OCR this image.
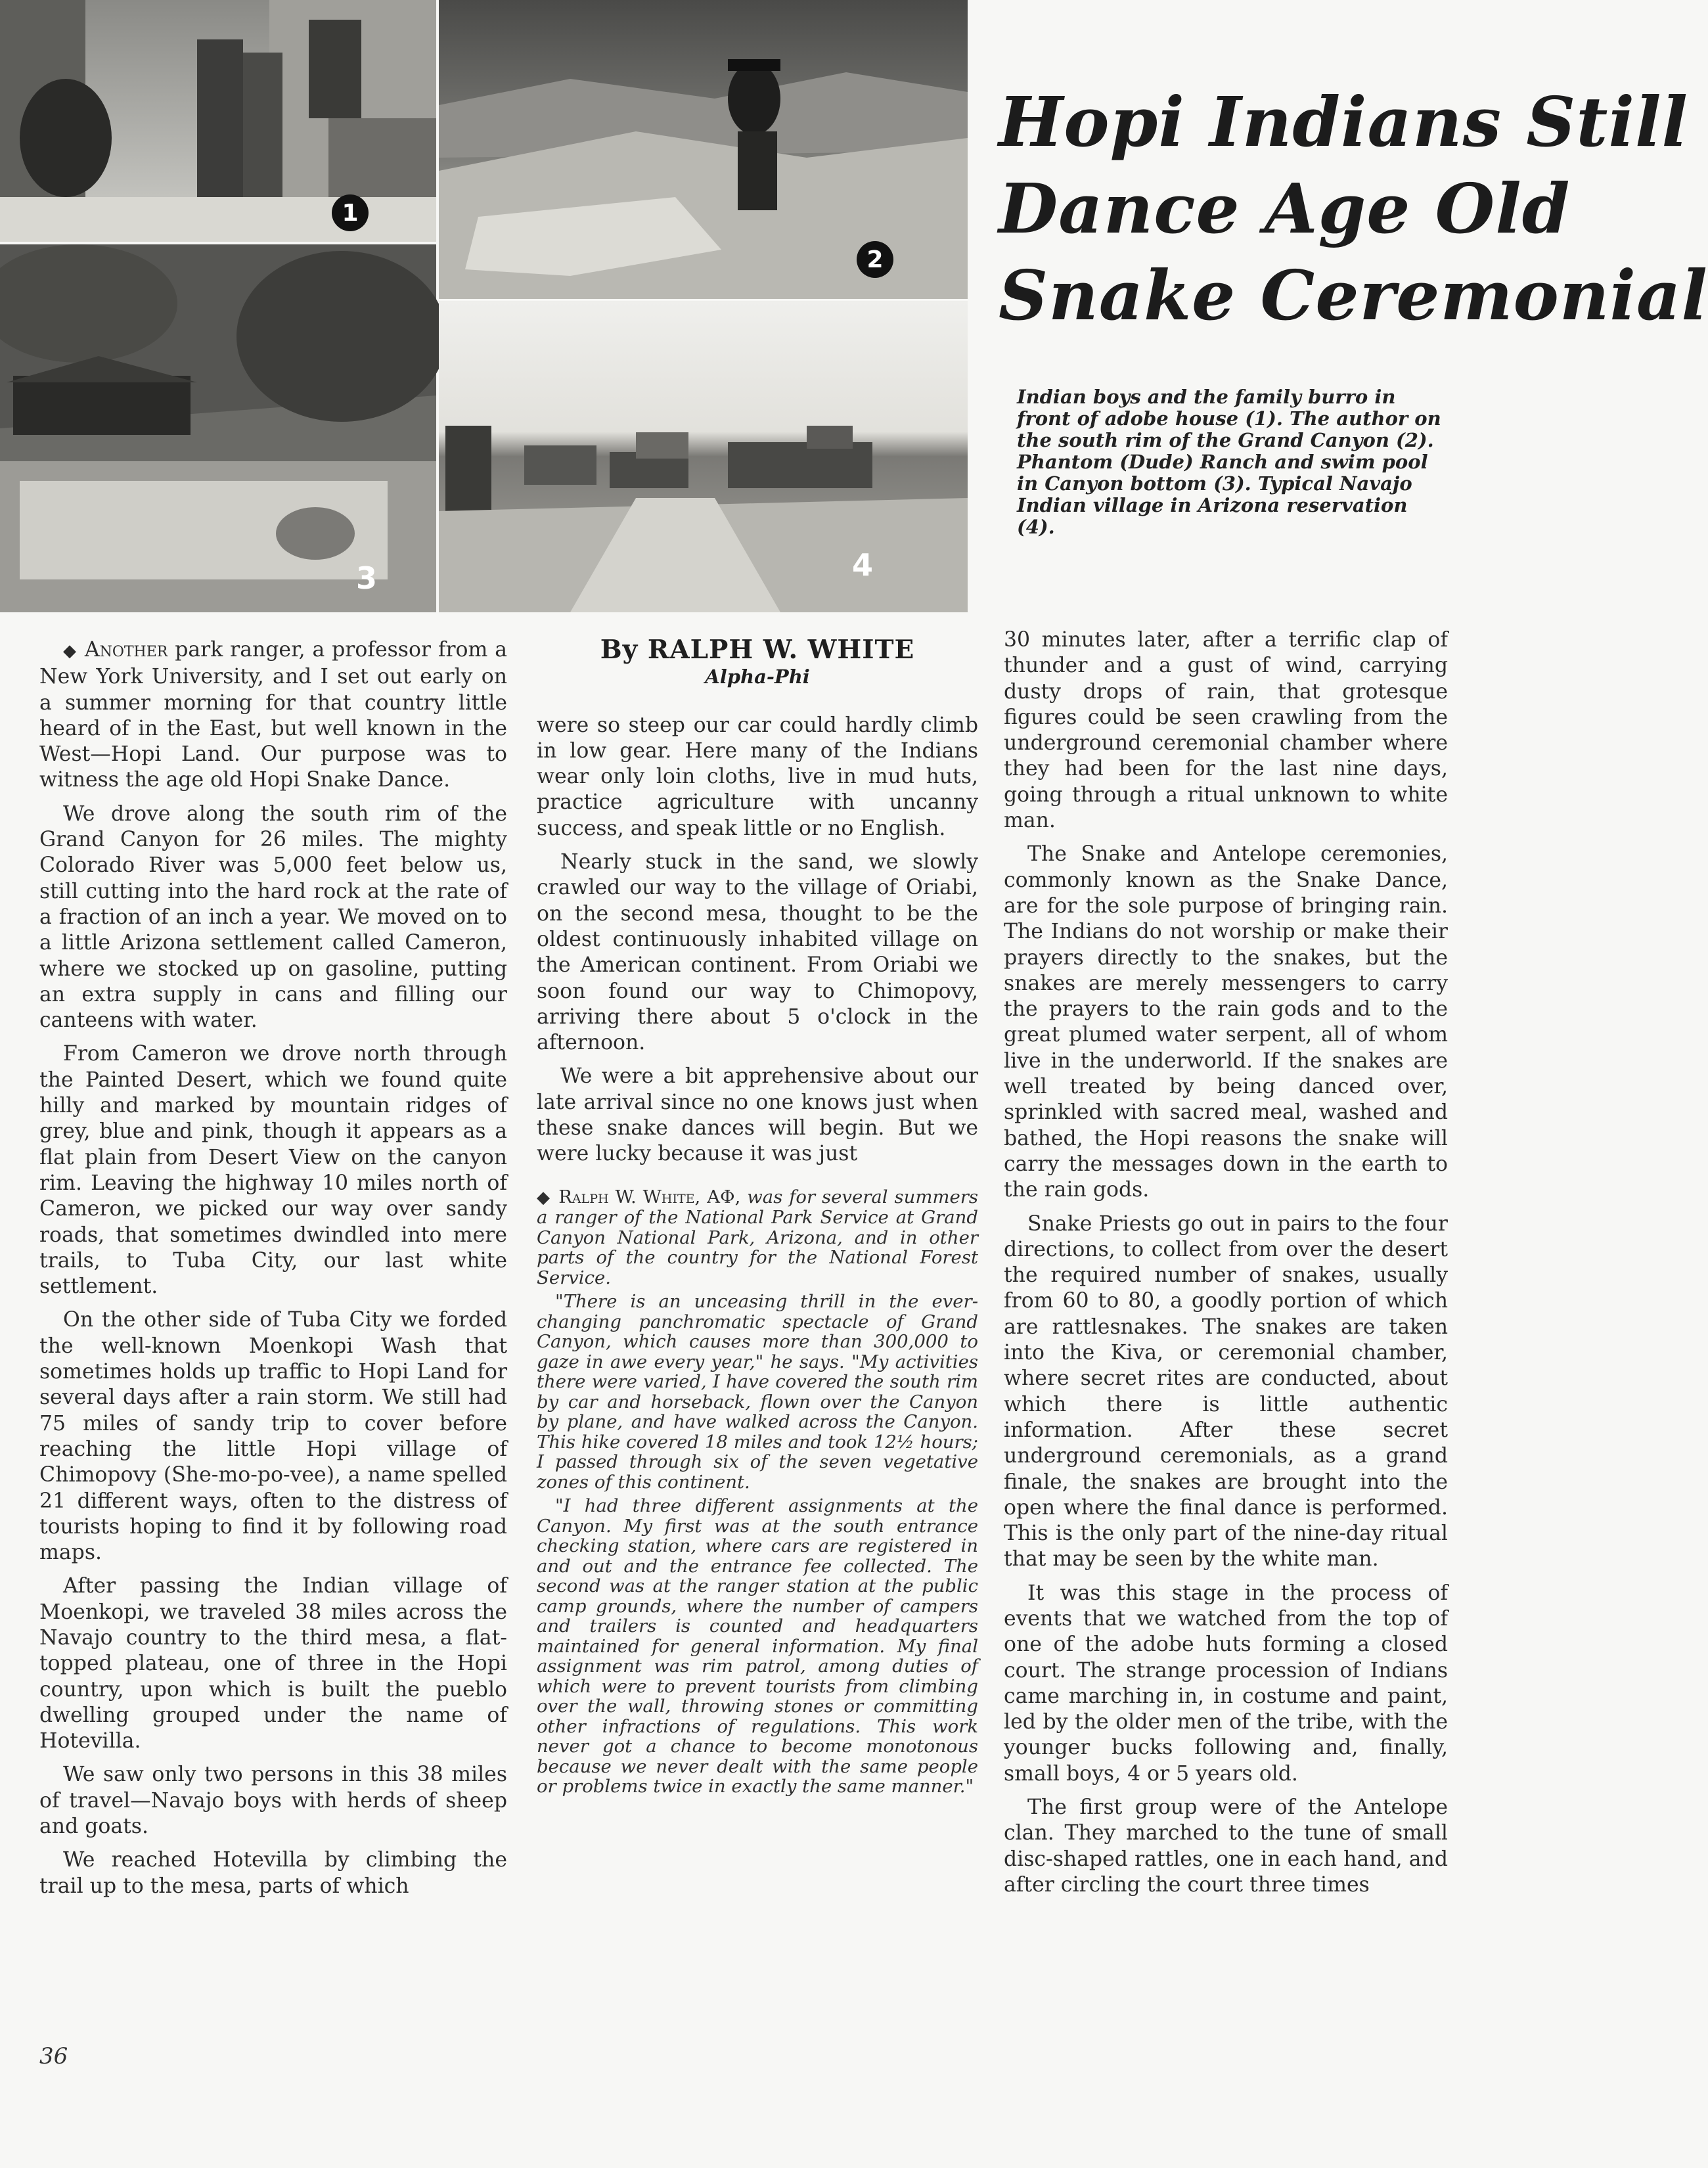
1
2
3	4
Hopi Indians Still
Dance Age Old
Snake Ceremonial
Indian boys and the family burro in front of adobe house (1). The author on the south rim of the Grand Canyon (2). Phantom (Dude) Ranch and swim pool in Canyon bottom (3). Typical Navajo Indian village in Arizona reservation (4).

◆ Another park ranger, a professor from a New York University, and I set out early on a summer morning for that country little heard of in the East, but well known in the West—Hopi Land. Our purpose was to witness the age old Hopi Snake Dance.

We drove along the south rim of the Grand Canyon for 26 miles. The mighty Colorado River was 5,000 feet below us, still cutting into the hard rock at the rate of a fraction of an inch a year. We moved on to a little Arizona settlement called Cameron, where we stocked up on gasoline, putting an extra supply in cans and filling our canteens with water.

From Cameron we drove north through the Painted Desert, which we found quite hilly and marked by mountain ridges of grey, blue and pink, though it appears as a flat plain from Desert View on the canyon rim. Leaving the highway 10 miles north of Cameron, we picked our way over sandy roads, that sometimes dwindled into mere trails, to Tuba City, our last white settlement.

On the other side of Tuba City we forded the well-known Moenkopi Wash that sometimes holds up traffic to Hopi Land for several days after a rain storm. We still had 75 miles of sandy trip to cover before reaching the little Hopi village of Chimopovy (She-mo-po-vee), a name spelled 21 different ways, often to the distress of tourists hoping to find it by following road maps.

After passing the Indian village of Moenkopi, we traveled 38 miles across the Navajo country to the third mesa, a flat-topped plateau, one of three in the Hopi country, upon which is built the pueblo dwelling grouped under the name of Hotevilla.

We saw only two persons in this 38 miles of travel—Navajo boys with herds of sheep and goats.

We reached Hotevilla by climbing the trail up to the mesa, parts of which

By RALPH W. WHITE
Alpha-Phi

were so steep our car could hardly climb in low gear. Here many of the Indians wear only loin cloths, live in mud huts, practice agriculture with uncanny success, and speak little or no English.

Nearly stuck in the sand, we slowly crawled our way to the village of Oriabi, on the second mesa, thought to be the oldest continuously inhabited village on the American continent. From Oriabi we soon found our way to Chimopovy, arriving there about 5 o'clock in the afternoon.

We were a bit apprehensive about our late arrival since no one knows just when these snake dances will begin. But we were lucky because it was just

◆ Ralph W. White, AΦ, was for several summers a ranger of the National Park Service at Grand Canyon National Park, Arizona, and in other parts of the country for the National Forest Service.

"There is an unceasing thrill in the ever-changing panchromatic spectacle of Grand Canyon, which causes more than 300,000 to gaze in awe every year," he says. "My activities there were varied, I have covered the south rim by car and horseback, flown over the Canyon by plane, and have walked across the Canyon. This hike covered 18 miles and took 12½ hours; I passed through six of the seven vegetative zones of this continent.

"I had three different assignments at the Canyon. My first was at the south entrance checking station, where cars are registered in and out and the entrance fee collected. The second was at the ranger station at the public camp grounds, where the number of campers and trailers is counted and headquarters maintained for general information. My final assignment was rim patrol, among duties of which were to prevent tourists from climbing over the wall, throwing stones or committing other infractions of regulations. This work never got a chance to become monotonous because we never dealt with the same people or problems twice in exactly the same manner."

30 minutes later, after a terrific clap of thunder and a gust of wind, carrying dusty drops of rain, that grotesque figures could be seen crawling from the underground ceremonial chamber where they had been for the last nine days, going through a ritual unknown to white man.

The Snake and Antelope ceremonies, commonly known as the Snake Dance, are for the sole purpose of bringing rain. The Indians do not worship or make their prayers directly to the snakes, but the snakes are merely messengers to carry the prayers to the rain gods and to the great plumed water serpent, all of whom live in the underworld. If the snakes are well treated by being danced over, sprinkled with sacred meal, washed and bathed, the Hopi reasons the snake will carry the messages down in the earth to the rain gods.

Snake Priests go out in pairs to the four directions, to collect from over the desert the required number of snakes, usually from 60 to 80, a goodly portion of which are rattlesnakes. The snakes are taken into the Kiva, or ceremonial chamber, where secret rites are conducted, about which there is little authentic information. After these secret underground ceremonials, as a grand finale, the snakes are brought into the open where the final dance is performed. This is the only part of the nine-day ritual that may be seen by the white man.

It was this stage in the process of events that we watched from the top of one of the adobe huts forming a closed court. The strange procession of Indians came marching in, in costume and paint, led by the older men of the tribe, with the younger bucks following and, finally, small boys, 4 or 5 years old.

The first group were of the Antelope clan. They marched to the tune of small disc-shaped rattles, one in each hand, and after circling the court three times

36
